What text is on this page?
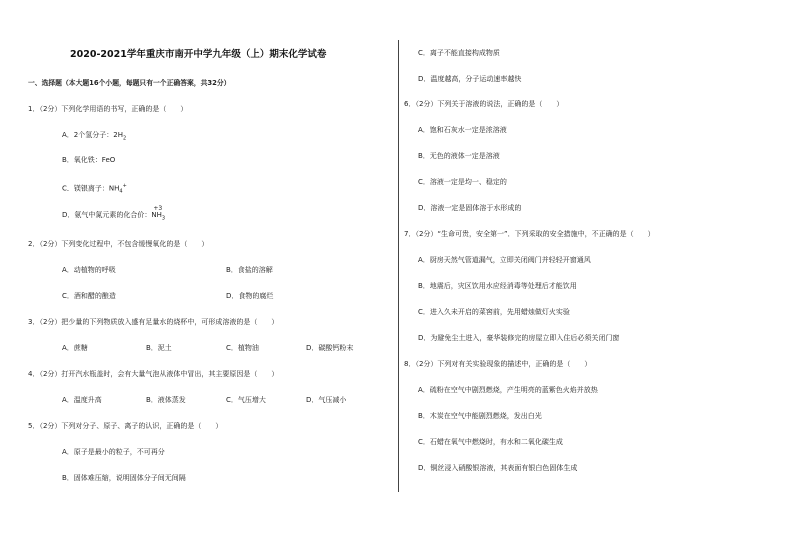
2020-2021学年重庆市南开中学九年级（上）期末化学试卷
一、选择题（本大题16个小题，每题只有一个正确答案，共32分）
1．（2分）下列化学用语的书写，正确的是（　　）
A．2个氢分子：$2H_2$
B．氧化铁：FeO
C．镁银离子：$NH_4^+$
D．氨气中氮元素的化合价：
+3
$NH_3$
2．（2分）下列变化过程中，不包含缓慢氧化的是（　　）
A．动植物的呼吸	B．食盐的溶解
C．酒和醋的酿造	D．食物的腐烂
3．（2分）把少量的下列物质放入盛有足量水的烧杯中，可形成溶液的是（　　）
A．蔗糖	B．泥土	C．植物油	D．碳酸钙粉末
4．（2分）打开汽水瓶盖时，会有大量气泡从液体中冒出，其主要原因是（　　）
A．温度升高	B．液体蒸发	C．气压增大	D．气压减小
5．（2分）下列对分子、原子、离子的认识，正确的是（　　）
A．原子是最小的粒子，不可再分
B．固体难压缩，说明固体分子间无间隔
C．离子不能直接构成物质
D．温度越高，分子运动速率越快
6．（2分）下列关于溶液的说法，正确的是（　　）
A．饱和石灰水一定是浓溶液
B．无色的液体一定是溶液
C．溶液一定是均一、稳定的
D．溶液一定是固体溶于水形成的
7．（2分）“生命可贵，安全第一”．下列采取的安全措施中，不正确的是（　　）
A．厨房天然气管道漏气，立即关闭阀门并轻轻开窗通风
B．地震后，灾区饮用水应经消毒等处理后才能饮用
C．进入久未开启的菜窖前，先用蜡烛做灯火实验
D．为避免尘土进入，豪华装修完的房屋立即入住后必须关闭门窗
8．（2分）下列对有关实验现象的描述中，正确的是（　　）
A．硫粉在空气中剧烈燃烧，产生明亮的蓝紫色火焰并放热
B．木炭在空气中能剧烈燃烧，发出白光
C．石蜡在氧气中燃烧时，有水和二氧化碳生成
D．铜丝浸入硝酸银溶液，其表面有银白色固体生成
